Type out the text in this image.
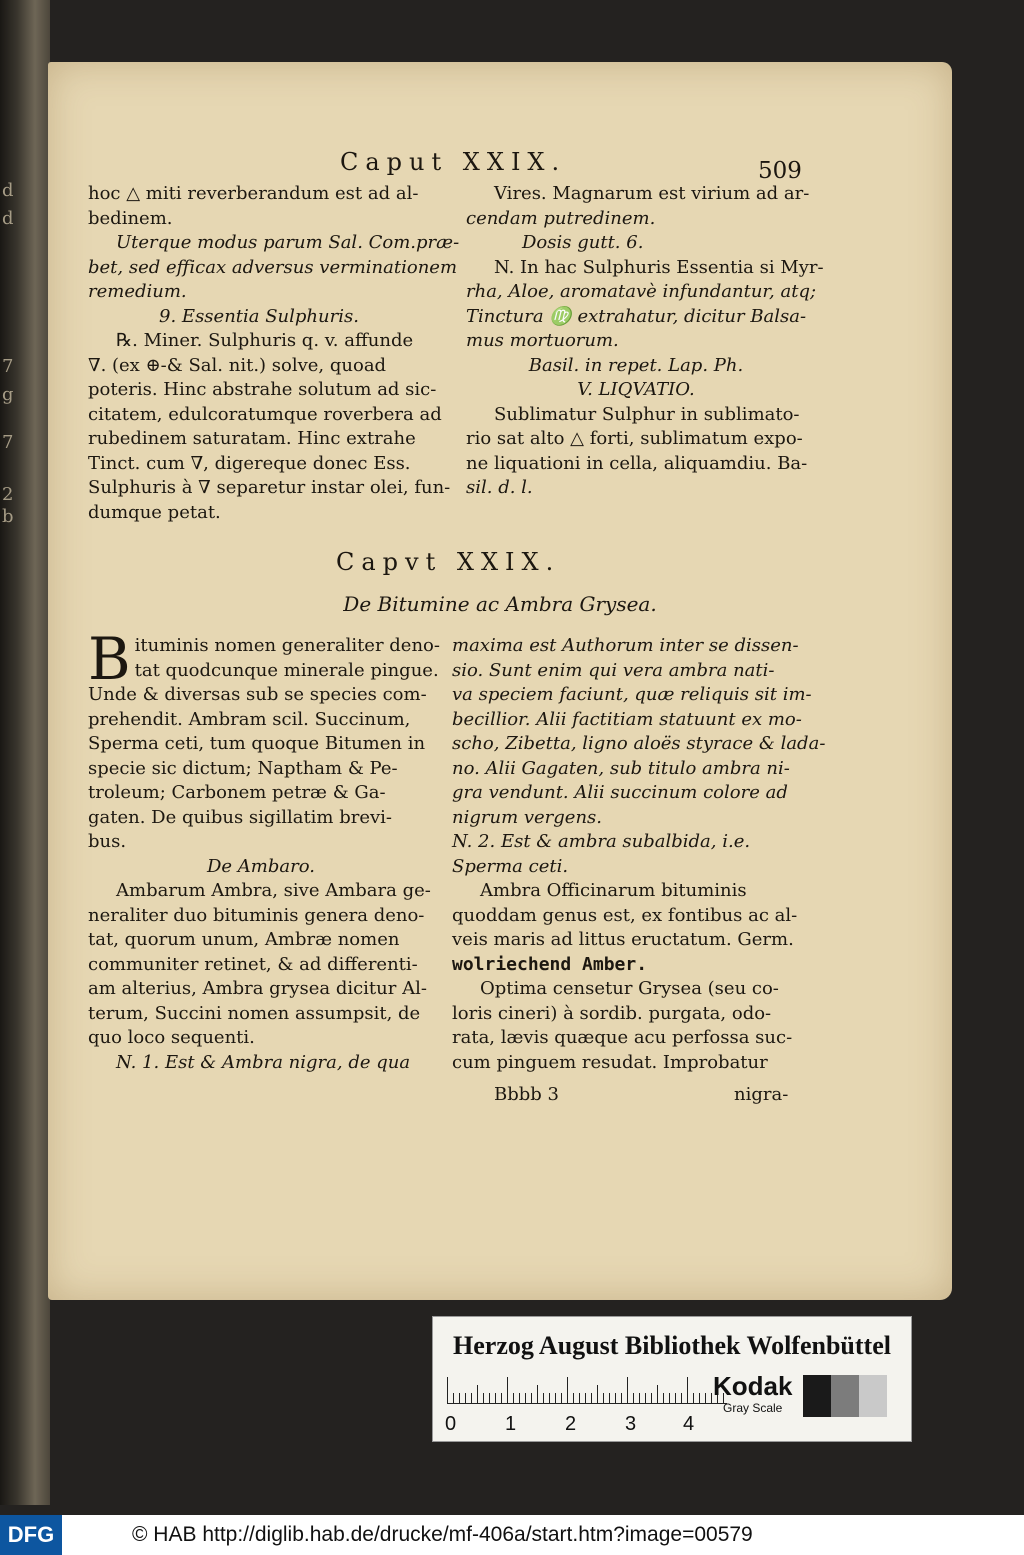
d
d
7
g
7
2
b
Caput XXIX.	509
hoc △ miti reverberandum est ad al-
bedinem.
Uterque modus parum Sal. Com.præ-
bet, sed efficax adversus verminationem
remedium.
9. Essentia Sulphuris.
℞. Miner. Sulphuris q. v. affunde
∇. (ex ⊕-& Sal. nit.) solve, quoad
poteris. Hinc abstrahe solutum ad sic-
citatem, edulcoratumque roverbera ad
rubedinem saturatam. Hinc extrahe
Tinct. cum ∇, digereque donec Ess.
Sulphuris à ∇ separetur instar olei, fun-
dumque petat.
Vires. Magnarum est virium ad ar-
cendam putredinem.
Dosis gutt. 6.
N. In hac Sulphuris Essentia si Myr-
rha, Aloe, aromatavè infundantur, atq;
Tinctura ♍ extrahatur, dicitur Balsa-
mus mortuorum.
Basil. in repet. Lap. Ph.
V. LIQVATIO.
Sublimatur Sulphur in sublimato-
rio sat alto △ forti, sublimatum expo-
ne liquationi in cella, aliquamdiu. Ba-
sil. d. l.
Capvt XXIX.
De Bitumine ac Ambra Grysea.
B ituminis nomen generaliter deno-
tat quodcunque minerale pingue.
Unde & diversas sub se species com-
prehendit. Ambram scil. Succinum,
Sperma ceti, tum quoque Bitumen in
specie sic dictum; Naptham & Pe-
troleum; Carbonem petræ & Ga-
gaten. De quibus sigillatim brevi-
bus.
De Ambaro.
Ambarum Ambra, sive Ambara ge-
neraliter duo bituminis genera deno-
tat, quorum unum, Ambræ nomen
communiter retinet, & ad differenti-
am alterius, Ambra grysea dicitur Al-
terum, Succini nomen assumpsit, de
quo loco sequenti.
N. 1. Est & Ambra nigra, de qua
maxima est Authorum inter se dissen-
sio. Sunt enim qui vera ambra nati-
va speciem faciunt, quæ reliquis sit im-
becillior. Alii factitiam statuunt ex mo-
scho, Zibetta, ligno aloës styrace & lada-
no. Alii Gagaten, sub titulo ambra ni-
gra vendunt. Alii succinum colore ad
nigrum vergens.
N. 2. Est & ambra subalbida, i.e.
Sperma ceti.
Ambra Officinarum bituminis
quoddam genus est, ex fontibus ac al-
veis maris ad littus eructatum. Germ.
wolriechend Amber.
Optima censetur Grysea (seu co-
loris cineri) à sordib. purgata, odo-
rata, lævis quæque acu perfossa suc-
cum pinguem resudat. Improbatur
Bbbb 3	nigra-
Herzog August Bibliothek Wolfenbüttel
0 1 2 3 4
Kodak
Gray Scale
DFG	© HAB http://diglib.hab.de/drucke/mf-406a/start.htm?image=00579
